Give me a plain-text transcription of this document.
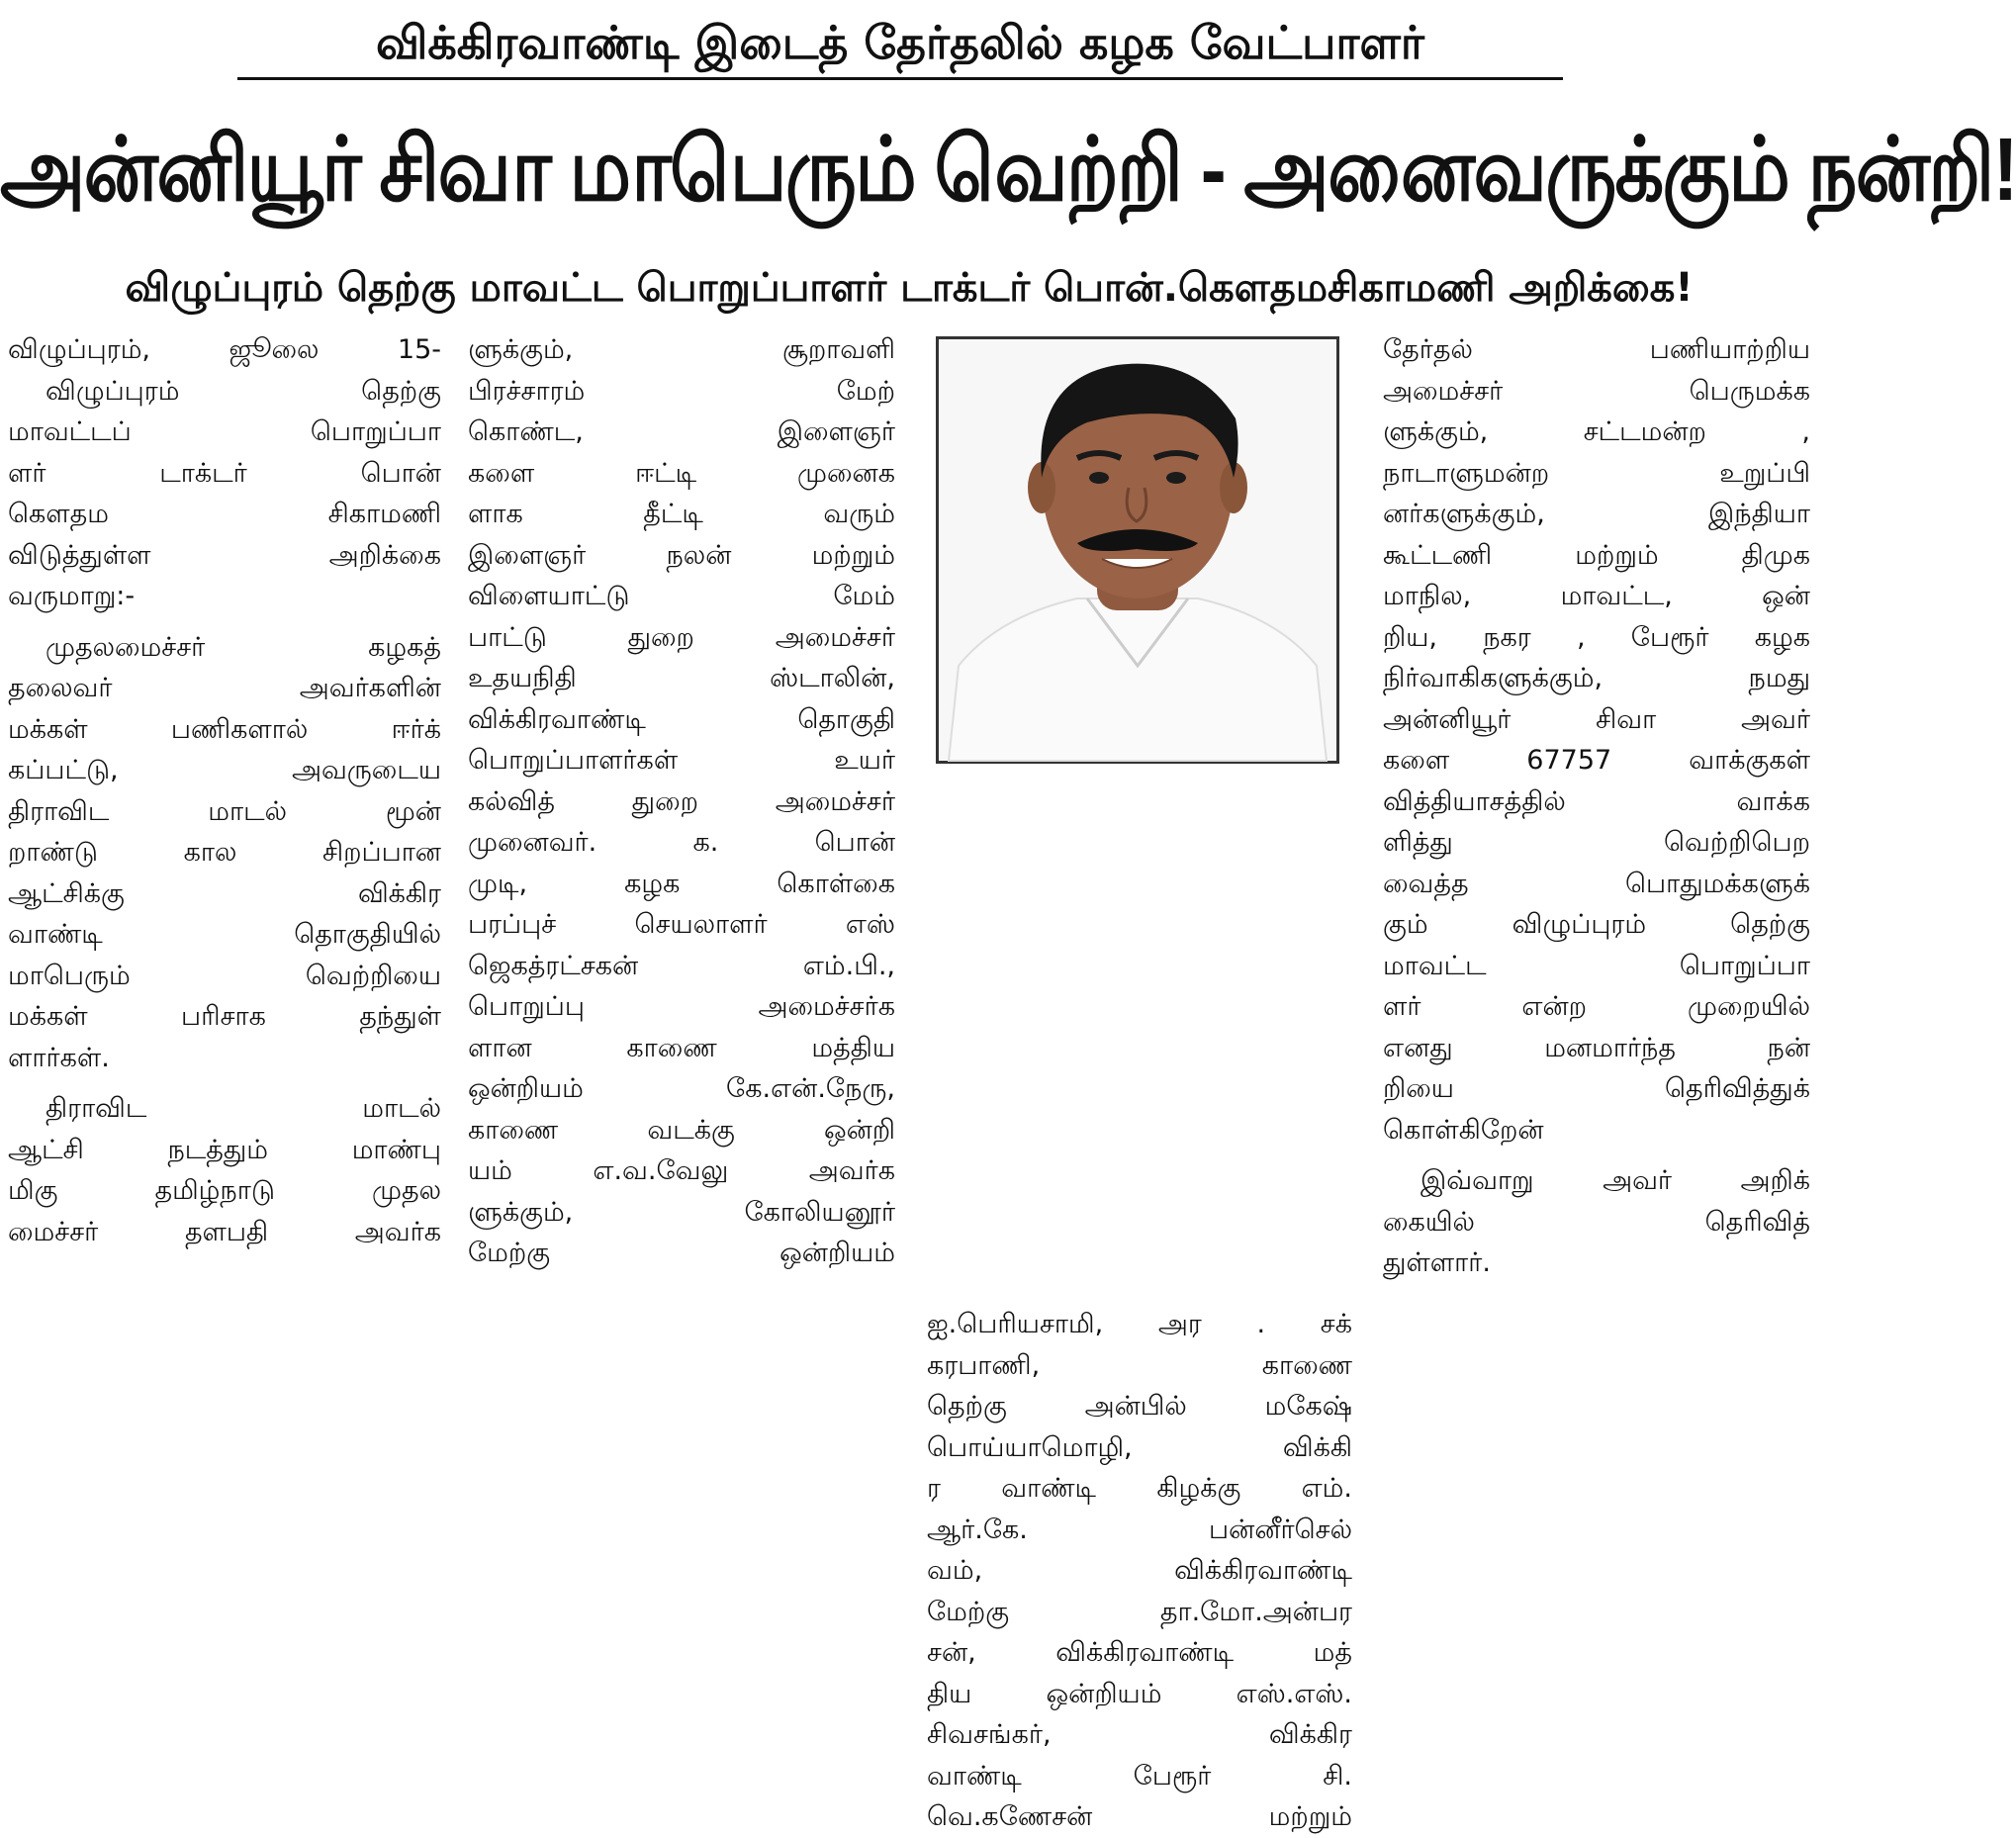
விக்கிரவாண்டி இடைத் தேர்தலில் கழக வேட்பாளர்
அன்னியூர் சிவா மாபெரும் வெற்றி - அனைவருக்கும் நன்றி!
விழுப்புரம் தெற்கு மாவட்ட பொறுப்பாளர் டாக்டர் பொன்.கௌதமசிகாமணி அறிக்கை!
விழுப்புரம், ஜூலை 15-
விழுப்புரம் தெற்கு
மாவட்டப் பொறுப்பா
ளர் டாக்டர் பொன்
கௌதம சிகாமணி
விடுத்துள்ள அறிக்கை
வருமாறு:-
முதலமைச்சர் கழகத்
தலைவர் அவர்களின்
மக்கள் பணிகளால் ஈர்க்
கப்பட்டு, அவருடைய
திராவிட மாடல் மூன்
றாண்டு கால சிறப்பான
ஆட்சிக்கு விக்கிர
வாண்டி தொகுதியில்
மாபெரும் வெற்றியை
மக்கள் பரிசாக தந்துள்
ளார்கள்.
திராவிட மாடல்
ஆட்சி நடத்தும் மாண்பு
மிகு தமிழ்நாடு முதல
மைச்சர் தளபதி அவர்க
ளுக்கும், சூறாவளி
பிரச்சாரம் மேற்
கொண்ட, இளைஞர்
களை ஈட்டி முனைக
ளாக தீட்டி வரும்
இளைஞர் நலன் மற்றும்
விளையாட்டு மேம்
பாட்டு துறை அமைச்சர்
உதயநிதி ஸ்டாலின்,
விக்கிரவாண்டி தொகுதி
பொறுப்பாளர்கள் உயர்
கல்வித் துறை அமைச்சர்
முனைவர். க. பொன்
முடி, கழக கொள்கை
பரப்புச் செயலாளர் எஸ்
ஜெகத்ரட்சகன் எம்.பி.,
பொறுப்பு அமைச்சர்க
ளான காணை மத்திய
ஒன்றியம் கே.என்.நேரு,
காணை வடக்கு ஒன்றி
யம் எ.வ.வேலு அவர்க
ளுக்கும், கோலியனூர்
மேற்கு ஒன்றியம்
ஐ.பெரியசாமி, அர . சக்
கரபாணி, காணை
தெற்கு அன்பில் மகேஷ்
பொய்யாமொழி, விக்கி
ர வாண்டி கிழக்கு எம்.
ஆர்.கே. பன்னீர்செல்
வம், விக்கிரவாண்டி
மேற்கு தா.மோ.அன்பர
சன், விக்கிரவாண்டி மத்
திய ஒன்றியம் எஸ்.எஸ்.
சிவசங்கர், விக்கிர
வாண்டி பேரூர் சி.
வெ.கணேசன் மற்றும்
தேர்தல் பணியாற்றிய
அமைச்சர் பெருமக்க
ளுக்கும், சட்டமன்ற ,
நாடாளுமன்ற உறுப்பி
னர்களுக்கும், இந்தியா
கூட்டணி மற்றும் திமுக
மாநில, மாவட்ட, ஒன்
றிய, நகர , பேரூர் கழக
நிர்வாகிகளுக்கும், நமது
அன்னியூர் சிவா அவர்
களை 67757 வாக்குகள்
வித்தியாசத்தில் வாக்க
ளித்து வெற்றிபெற
வைத்த பொதுமக்களுக்
கும் விழுப்புரம் தெற்கு
மாவட்ட பொறுப்பா
ளர் என்ற முறையில்
எனது மனமார்ந்த நன்
றியை தெரிவித்துக்
கொள்கிறேன்
இவ்வாறு அவர் அறிக்
கையில் தெரிவித்
துள்ளார்.
